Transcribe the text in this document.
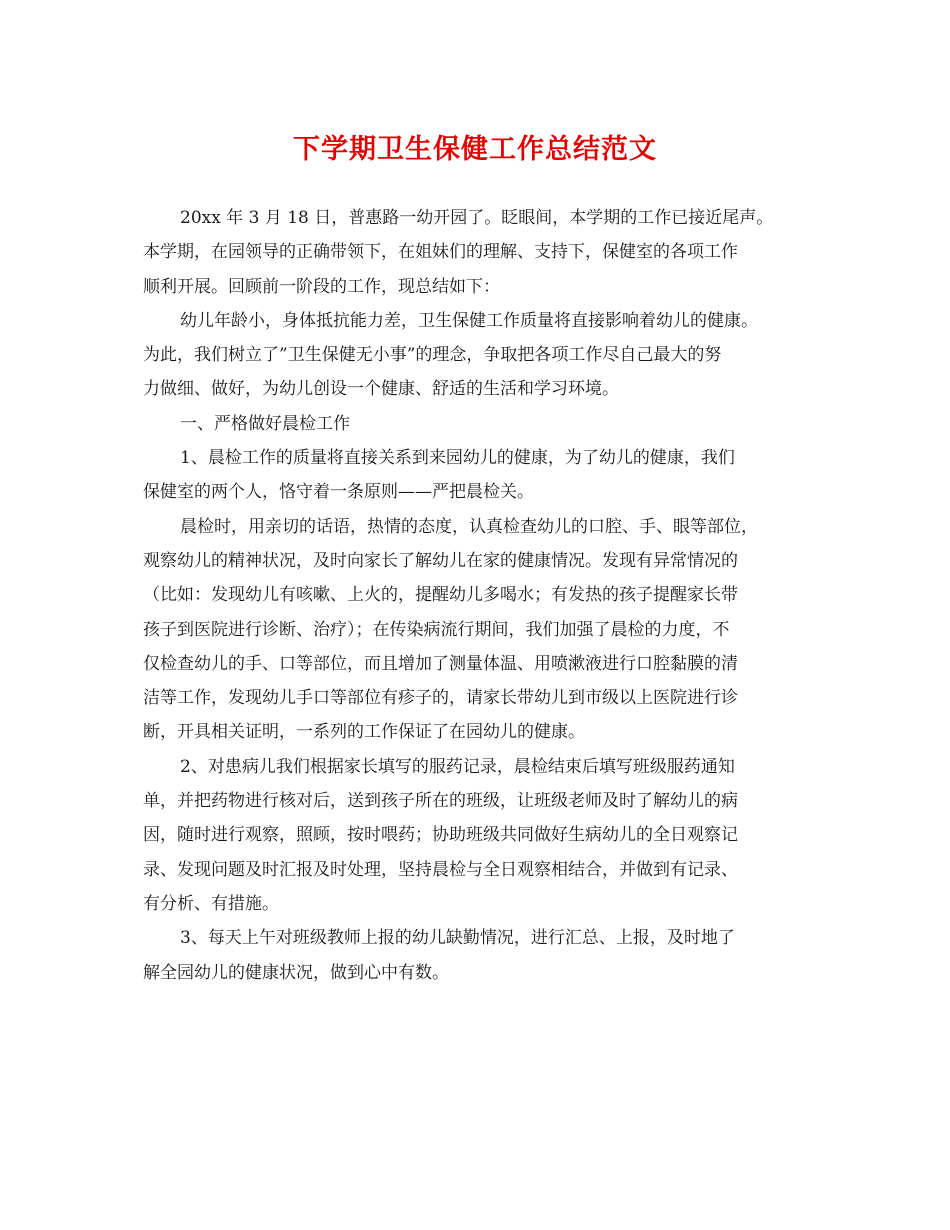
下学期卫生保健工作总结范文
20xx 年 3 月 18 日，普惠路一幼开园了。眨眼间，本学期的工作已接近尾声。
本学期，在园领导的正确带领下，在姐妹们的理解、支持下，保健室的各项工作
顺利开展。回顾前一阶段的工作，现总结如下：
幼儿年龄小，身体抵抗能力差，卫生保健工作质量将直接影响着幼儿的健康。
为此，我们树立了”卫生保健无小事”的理念，争取把各项工作尽自己最大的努
力做细、做好，为幼儿创设一个健康、舒适的生活和学习环境。
一、严格做好晨检工作
1、晨检工作的质量将直接关系到来园幼儿的健康，为了幼儿的健康，我们
保健室的两个人，恪守着一条原则——严把晨检关。
晨检时，用亲切的话语，热情的态度，认真检查幼儿的口腔、手、眼等部位，
观察幼儿的精神状况，及时向家长了解幼儿在家的健康情况。发现有异常情况的
（比如：发现幼儿有咳嗽、上火的，提醒幼儿多喝水；有发热的孩子提醒家长带
孩子到医院进行诊断、治疗）；在传染病流行期间，我们加强了晨检的力度，不
仅检查幼儿的手、口等部位，而且增加了测量体温、用喷漱液进行口腔黏膜的清
洁等工作，发现幼儿手口等部位有疹子的，请家长带幼儿到市级以上医院进行诊
断，开具相关证明，一系列的工作保证了在园幼儿的健康。
2、对患病儿我们根据家长填写的服药记录，晨检结束后填写班级服药通知
单，并把药物进行核对后，送到孩子所在的班级，让班级老师及时了解幼儿的病
因，随时进行观察，照顾，按时喂药；协助班级共同做好生病幼儿的全日观察记
录、发现问题及时汇报及时处理，坚持晨检与全日观察相结合，并做到有记录、
有分析、有措施。
3、每天上午对班级教师上报的幼儿缺勤情况，进行汇总、上报，及时地了
解全园幼儿的健康状况，做到心中有数。
